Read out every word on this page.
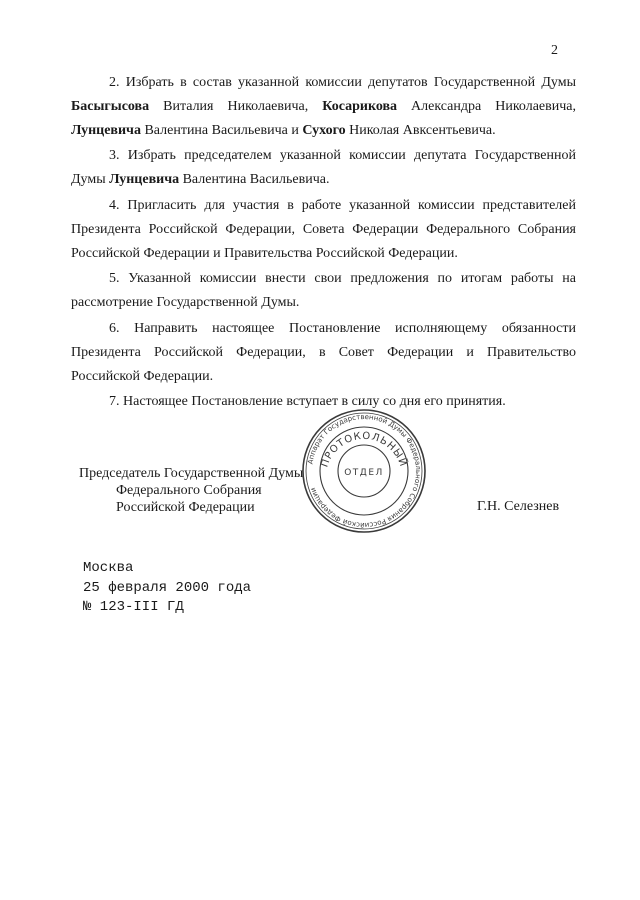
2

2. Избрать в состав указанной комиссии депутатов Государственной Думы Басыгысова Виталия Николаевича, Косарикова Александра Николаевича, Лунцевича Валентина Васильевича и Сухого Николая Авксентьевича.

3. Избрать председателем указанной комиссии депутата Государственной Думы Лунцевича Валентина Васильевича.

4. Пригласить для участия в работе указанной комиссии представителей Президента Российской Федерации, Совета Федерации Федерального Собрания Российской Федерации и Правительства Российской Федерации.

5. Указанной комиссии внести свои предложения по итогам работы на рассмотрение Государственной Думы.

6. Направить настоящее Постановление исполняющему обязанности Президента Российской Федерации, в Совет Федерации и Правительство Российской Федерации.

7. Настоящее Постановление вступает в силу со дня его принятия.

Председатель Государственной Думы
Федерального Собрания
Российской Федерации	Г.Н. Селезнев
Аппарат Государственной Думы Федерального Собрания Российской Федерации
ПРОТОКОЛЬНЫЙ
ОТДЕЛ
Москва
25 февраля 2000 года
№ 123-III ГД
